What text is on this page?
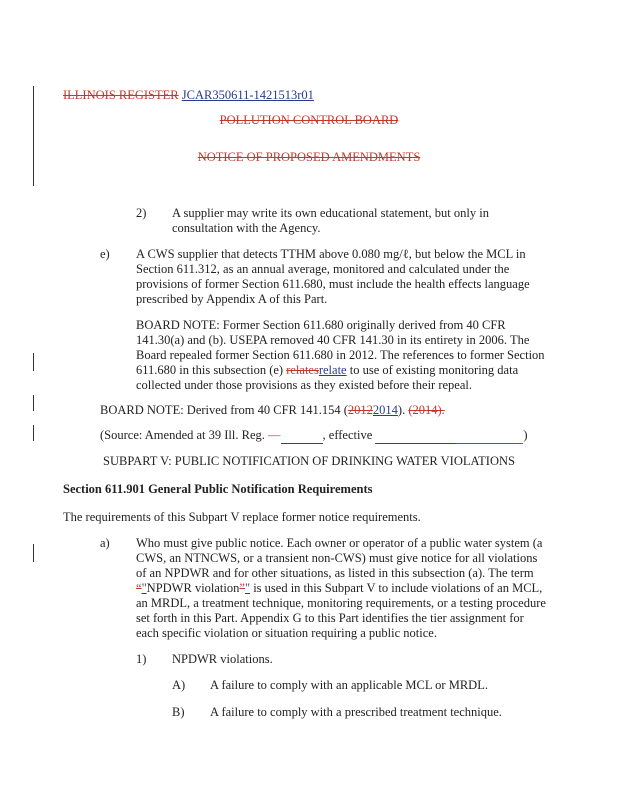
ILLINOIS REGISTER JCAR350611-1421513r01
POLLUTION CONTROL BOARD
NOTICE OF PROPOSED AMENDMENTS
2) A supplier may write its own educational statement, but only in
consultation with the Agency.
e) A CWS supplier that detects TTHM above 0.080 mg/ℓ, but below the MCL in
Section 611.312, as an annual average, monitored and calculated under the
provisions of former Section 611.680, must include the health effects language
prescribed by Appendix A of this Part.
BOARD NOTE: Former Section 611.680 originally derived from 40 CFR
141.30(a) and (b). USEPA removed 40 CFR 141.30 in its entirety in 2006. The
Board repealed former Section 611.680 in 2012. The references to former Section
611.680 in this subsection (e) relatesrelate to use of existing monitoring data
collected under those provisions as they existed before their repeal.
BOARD NOTE: Derived from 40 CFR 141.154 (20122014). (2014).
(Source: Amended at 39 Ill. Reg. —	, effective	)
SUBPART V: PUBLIC NOTIFICATION OF DRINKING WATER VIOLATIONS
Section 611.901 General Public Notification Requirements
The requirements of this Subpart V replace former notice requirements.
a) Who must give public notice. Each owner or operator of a public water system (a
CWS, an NTNCWS, or a transient non-CWS) must give notice for all violations
of an NPDWR and for other situations, as listed in this subsection (a). The term
“"NPDWR violation”" is used in this Subpart V to include violations of an MCL,
an MRDL, a treatment technique, monitoring requirements, or a testing procedure
set forth in this Part. Appendix G to this Part identifies the tier assignment for
each specific violation or situation requiring a public notice.
1) NPDWR violations.
A) A failure to comply with an applicable MCL or MRDL.
B) A failure to comply with a prescribed treatment technique.
